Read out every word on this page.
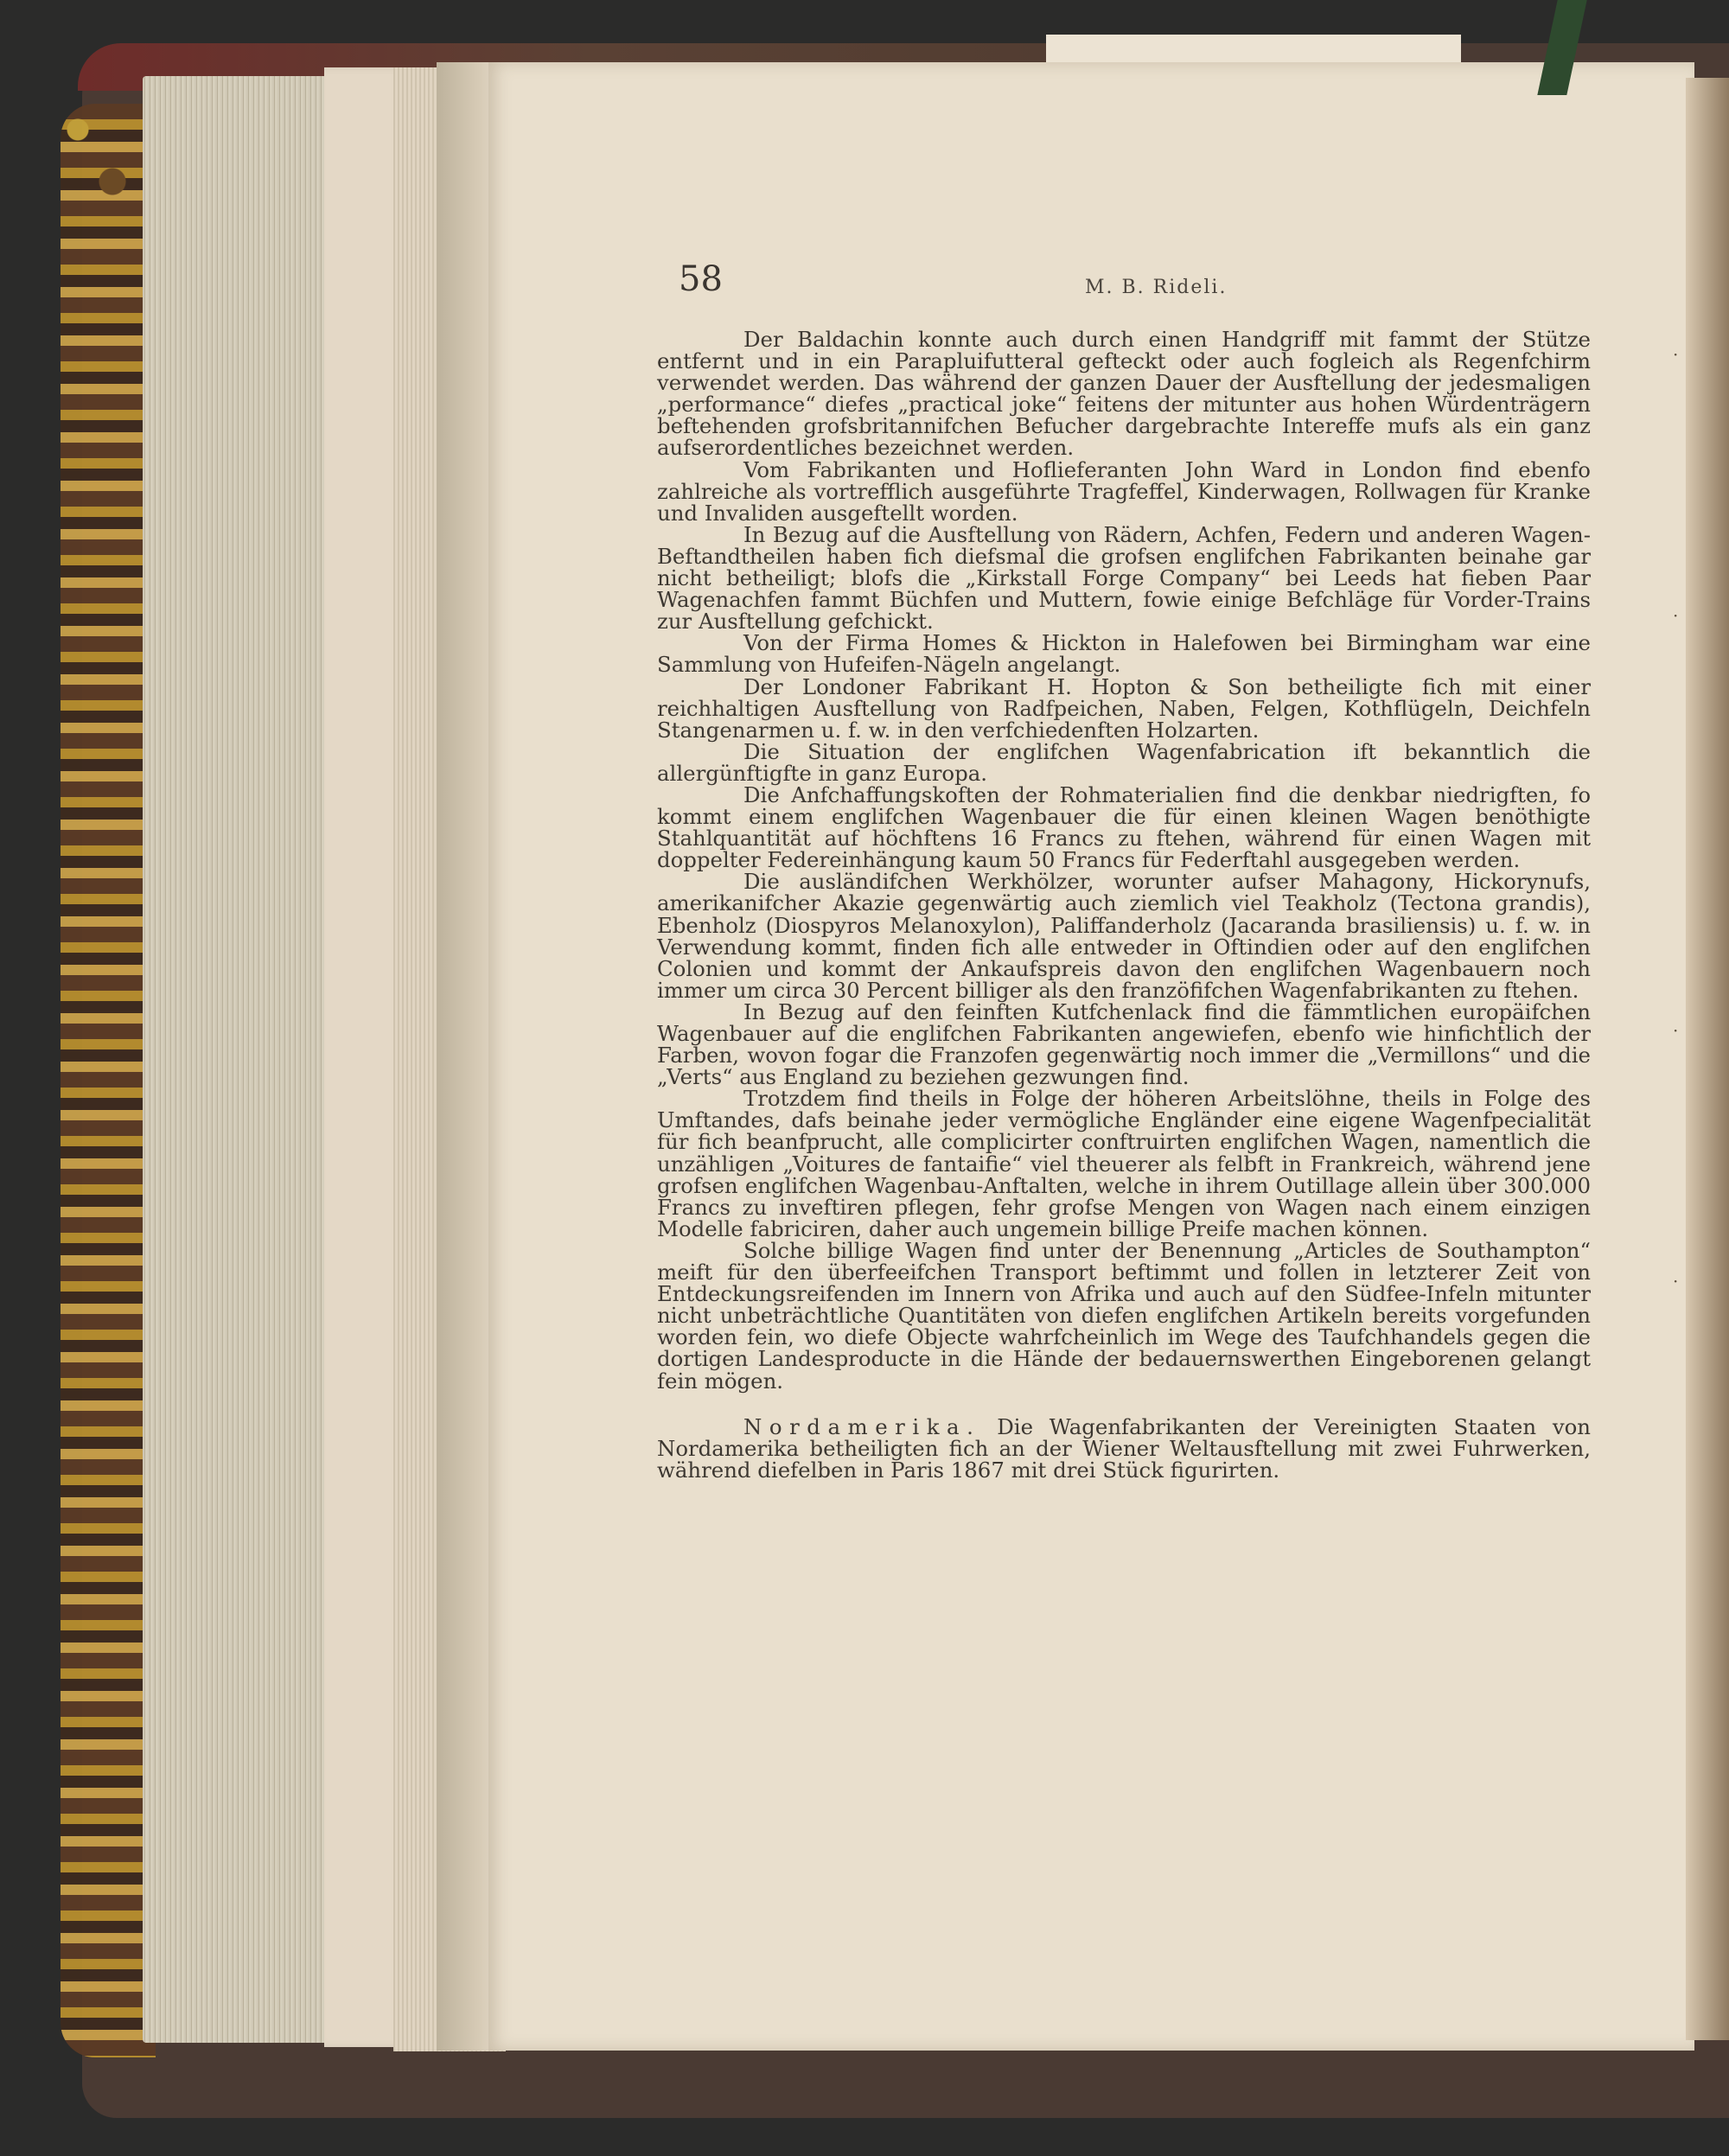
58	M. B. Rideli.

Der Baldachin konnte auch durch einen Handgriff mit fammt der Stütze entfernt und in ein Parapluifutteral gefteckt oder auch fogleich als Regenfchirm verwendet werden. Das während der ganzen Dauer der Ausftellung der jedesmaligen „performance“ diefes „practical joke“ feitens der mitunter aus hohen Würdenträgern beftehenden grofsbritannifchen Befucher dargebrachte Intereffe mufs als ein ganz aufserordentliches bezeichnet werden.

Vom Fabrikanten und Hoflieferanten John Ward in London find ebenfo zahlreiche als vortrefflich ausgeführte Tragfeffel, Kinderwagen, Rollwagen für Kranke und Invaliden ausgeftellt worden.

In Bezug auf die Ausftellung von Rädern, Achfen, Federn und anderen Wagen-Beftandtheilen haben fich diefsmal die grofsen englifchen Fabrikanten beinahe gar nicht betheiligt; blofs die „Kirkstall Forge Company“ bei Leeds hat fieben Paar Wagenachfen fammt Büchfen und Muttern, fowie einige Befchläge für Vorder-Trains zur Ausftellung gefchickt.

Von der Firma Homes & Hickton in Halefowen bei Birmingham war eine Sammlung von Hufeifen-Nägeln angelangt.

Der Londoner Fabrikant H. Hopton & Son betheiligte fich mit einer reichhaltigen Ausftellung von Radfpeichen, Naben, Felgen, Kothflügeln, Deichfeln Stangenarmen u. f. w. in den verfchiedenften Holzarten.

Die Situation der englifchen Wagenfabrication ift bekanntlich die allergünftigfte in ganz Europa.

Die Anfchaffungskoften der Rohmaterialien find die denkbar niedrigften, fo kommt einem englifchen Wagenbauer die für einen kleinen Wagen benöthigte Stahlquantität auf höchftens 16 Francs zu ftehen, während für einen Wagen mit doppelter Federeinhängung kaum 50 Francs für Federftahl ausgegeben werden.

Die ausländifchen Werkhölzer, worunter aufser Mahagony, Hickorynufs, amerikanifcher Akazie gegenwärtig auch ziemlich viel Teakholz (Tectona grandis), Ebenholz (Diospyros Melanoxylon), Paliffanderholz (Jacaranda brasiliensis) u. f. w. in Verwendung kommt, finden fich alle entweder in Oftindien oder auf den englifchen Colonien und kommt der Ankaufspreis davon den englifchen Wagenbauern noch immer um circa 30 Percent billiger als den franzöfifchen Wagenfabrikanten zu ftehen.

In Bezug auf den feinften Kutfchenlack find die fämmtlichen europäifchen Wagenbauer auf die englifchen Fabrikanten angewiefen, ebenfo wie hinfichtlich der Farben, wovon fogar die Franzofen gegenwärtig noch immer die „Vermillons“ und die „Verts“ aus England zu beziehen gezwungen find.

Trotzdem find theils in Folge der höheren Arbeitslöhne, theils in Folge des Umftandes, dafs beinahe jeder vermögliche Engländer eine eigene Wagenfpecialität für fich beanfprucht, alle complicirter conftruirten englifchen Wagen, namentlich die unzähligen „Voitures de fantaifie“ viel theuerer als felbft in Frankreich, während jene grofsen englifchen Wagenbau-Anftalten, welche in ihrem Outillage allein über 300.000 Francs zu inveftiren pflegen, fehr grofse Mengen von Wagen nach einem einzigen Modelle fabriciren, daher auch ungemein billige Preife machen können.

Solche billige Wagen find unter der Benennung „Articles de Southampton“ meift für den überfeeifchen Transport beftimmt und follen in letzterer Zeit von Entdeckungsreifenden im Innern von Afrika und auch auf den Südfee-Infeln mitunter nicht unbeträchtliche Quantitäten von diefen englifchen Artikeln bereits vorgefunden worden fein, wo diefe Objecte wahrfcheinlich im Wege des Taufchhandels gegen die dortigen Landesproducte in die Hände der bedauernswerthen Eingeborenen gelangt fein mögen.

Nordamerika. Die Wagenfabrikanten der Vereinigten Staaten von Nordamerika betheiligten fich an der Wiener Weltausftellung mit zwei Fuhrwerken, während diefelben in Paris 1867 mit drei Stück figurirten.

·
·
·
·
